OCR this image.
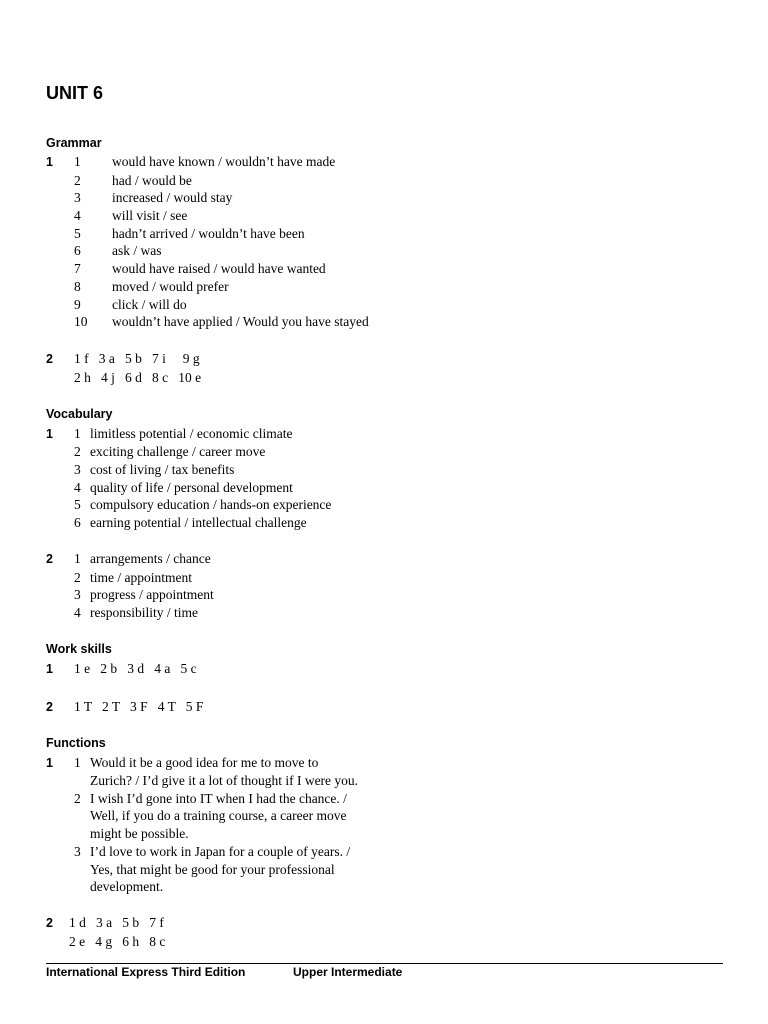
UNIT 6
Grammar
1 1 would have known / wouldn’t have made
2 had / would be
3 increased / would stay
4 will visit / see
5 hadn’t arrived / wouldn’t have been
6 ask / was
7 would have raised / would have wanted
8 moved / would prefer
9 click / will do
10 wouldn’t have applied / Would you have stayed
2 1 f   3 a   5 b   7 i     9 g
2 h   4 j   6 d   8 c   10 e
Vocabulary
1 1 limitless potential / economic climate
2 exciting challenge / career move
3 cost of living / tax benefits
4 quality of life / personal development
5 compulsory education / hands-on experience
6 earning potential / intellectual challenge
2 1 arrangements / chance
2 time / appointment
3 progress / appointment
4 responsibility / time
Work skills
1 1 e   2 b   3 d   4 a   5 c
2 1 T   2 T   3 F   4 T   5 F
Functions
1 1 Would it be a good idea for me to move to
Zurich? / I’d give it a lot of thought if I were you.
2 I wish I’d gone into IT when I had the chance. /
Well, if you do a training course, a career move
might be possible.
3 I’d love to work in Japan for a couple of years. /
Yes, that might be good for your professional
development.
2 1 d   3 a   5 b   7 f
2 e   4 g   6 h   8 c
International Express Third Edition	Upper Intermediate
